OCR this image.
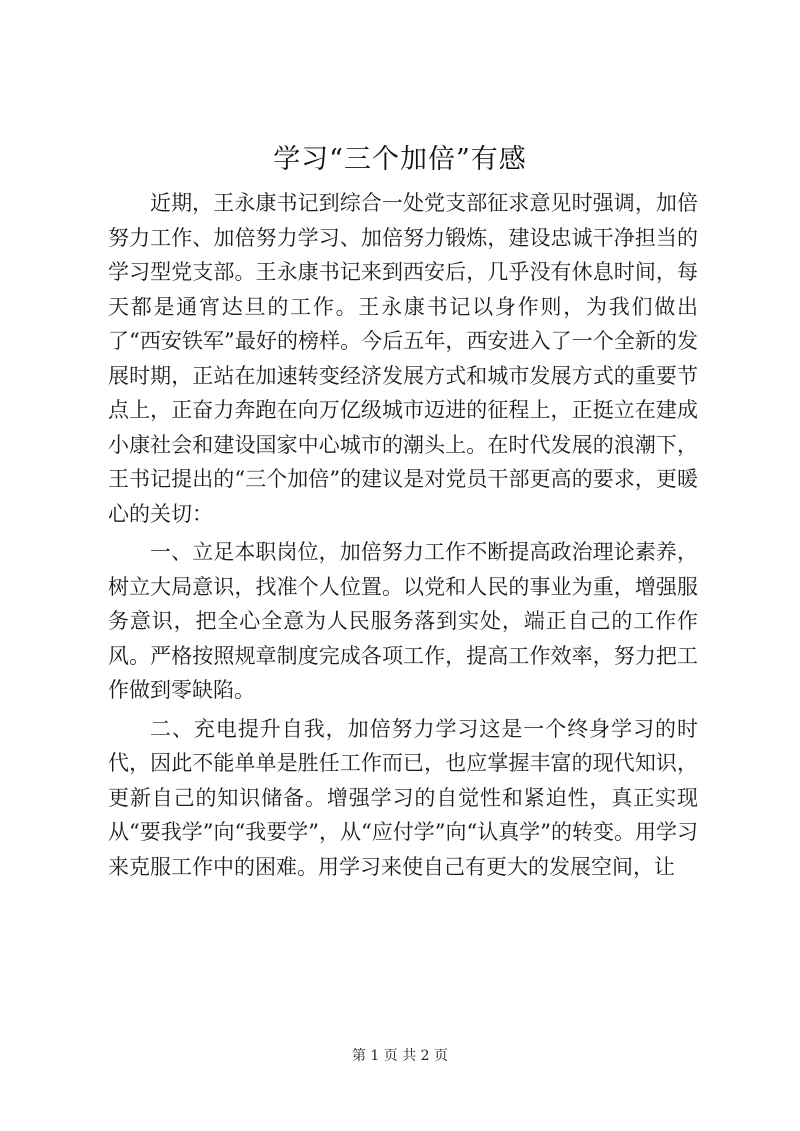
学习“三个加倍”有感

近期，王永康书记到综合一处党支部征求意见时强调，加倍努力工作、加倍努力学习、加倍努力锻炼，建设忠诚干净担当的学习型党支部。王永康书记来到西安后，几乎没有休息时间，每天都是通宵达旦的工作。王永康书记以身作则，为我们做出了“西安铁军”最好的榜样。今后五年，西安进入了一个全新的发展时期，正站在加速转变经济发展方式和城市发展方式的重要节点上，正奋力奔跑在向万亿级城市迈进的征程上，正挺立在建成小康社会和建设国家中心城市的潮头上。在时代发展的浪潮下，王书记提出的“三个加倍”的建议是对党员干部更高的要求，更暖心的关切：

一、立足本职岗位，加倍努力工作不断提高政治理论素养，树立大局意识，找准个人位置。以党和人民的事业为重，增强服务意识，把全心全意为人民服务落到实处，端正自己的工作作风。严格按照规章制度完成各项工作，提高工作效率，努力把工作做到零缺陷。

二、充电提升自我，加倍努力学习这是一个终身学习的时代，因此不能单单是胜任工作而已，也应掌握丰富的现代知识，更新自己的知识储备。增强学习的自觉性和紧迫性，真正实现从“要我学”向“我要学”，从“应付学”向“认真学”的转变。用学习来克服工作中的困难。用学习来使自己有更大的发展空间，让

第 1 页 共 2 页
